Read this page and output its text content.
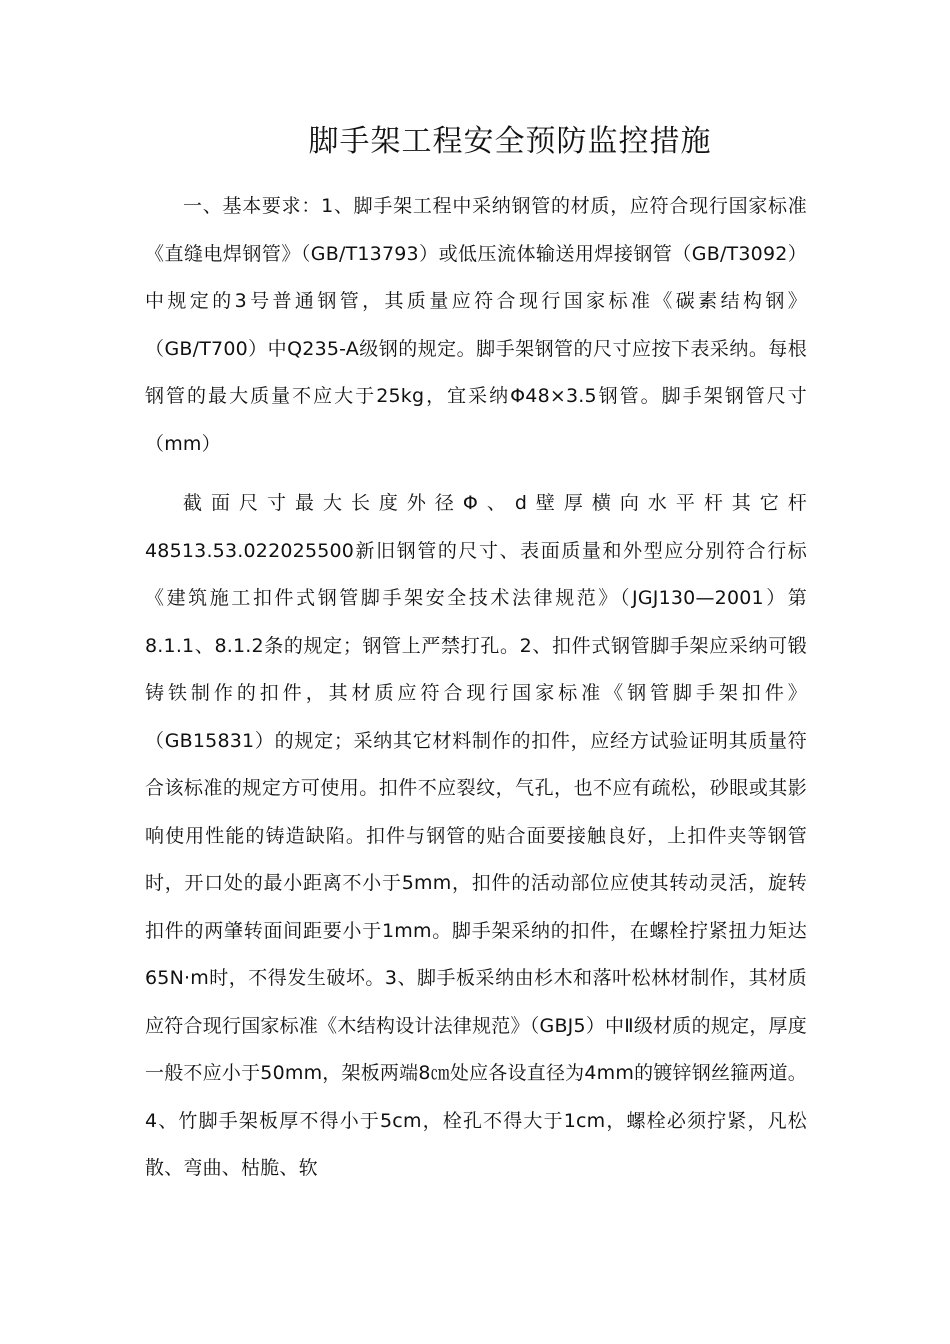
脚手架工程安全预防监控措施

一、基本要求：1、脚手架工程中采纳钢管的材质，应符合现行国家标准《直缝电焊钢管》（GB/T13793）或低压流体输送用焊接钢管（GB/T3092）中规定的3号普通钢管，其质量应符合现行国家标准《碳素结构钢》（GB/T700）中Q235-A级钢的规定。脚手架钢管的尺寸应按下表采纳。每根钢管的最大质量不应大于25kg，宜采纳Φ48×3.5钢管。脚手架钢管尺寸（mm）

截面尺寸最大长度外径Φ、d壁厚横向水平杆其它杆48513.53.022025500新旧钢管的尺寸、表面质量和外型应分别符合行标《建筑施工扣件式钢管脚手架安全技术法律规范》（JGJ130—2001）第8.1.1、8.1.2条的规定；钢管上严禁打孔。2、扣件式钢管脚手架应采纳可锻铸铁制作的扣件，其材质应符合现行国家标准《钢管脚手架扣件》（GB15831）的规定；采纳其它材料制作的扣件，应经方试验证明其质量符合该标准的规定方可使用。扣件不应裂纹，气孔，也不应有疏松，砂眼或其影响使用性能的铸造缺陷。扣件与钢管的贴合面要接触良好，上扣件夹等钢管时，开口处的最小距离不小于5mm，扣件的活动部位应使其转动灵活，旋转扣件的两肇转面间距要小于1mm。脚手架采纳的扣件，在螺栓拧紧扭力矩达65N·m时，不得发生破坏。3、脚手板采纳由杉木和落叶松林材制作，其材质应符合现行国家标准《木结构设计法律规范》（GBJ5）中Ⅱ级材质的规定，厚度一般不应小于50mm，架板两端8㎝处应各设直径为4mm的镀锌钢丝箍两道。4、竹脚手架板厚不得小于5cm，栓孔不得大于1cm，螺栓必须拧紧，凡松散、弯曲、枯脆、软
